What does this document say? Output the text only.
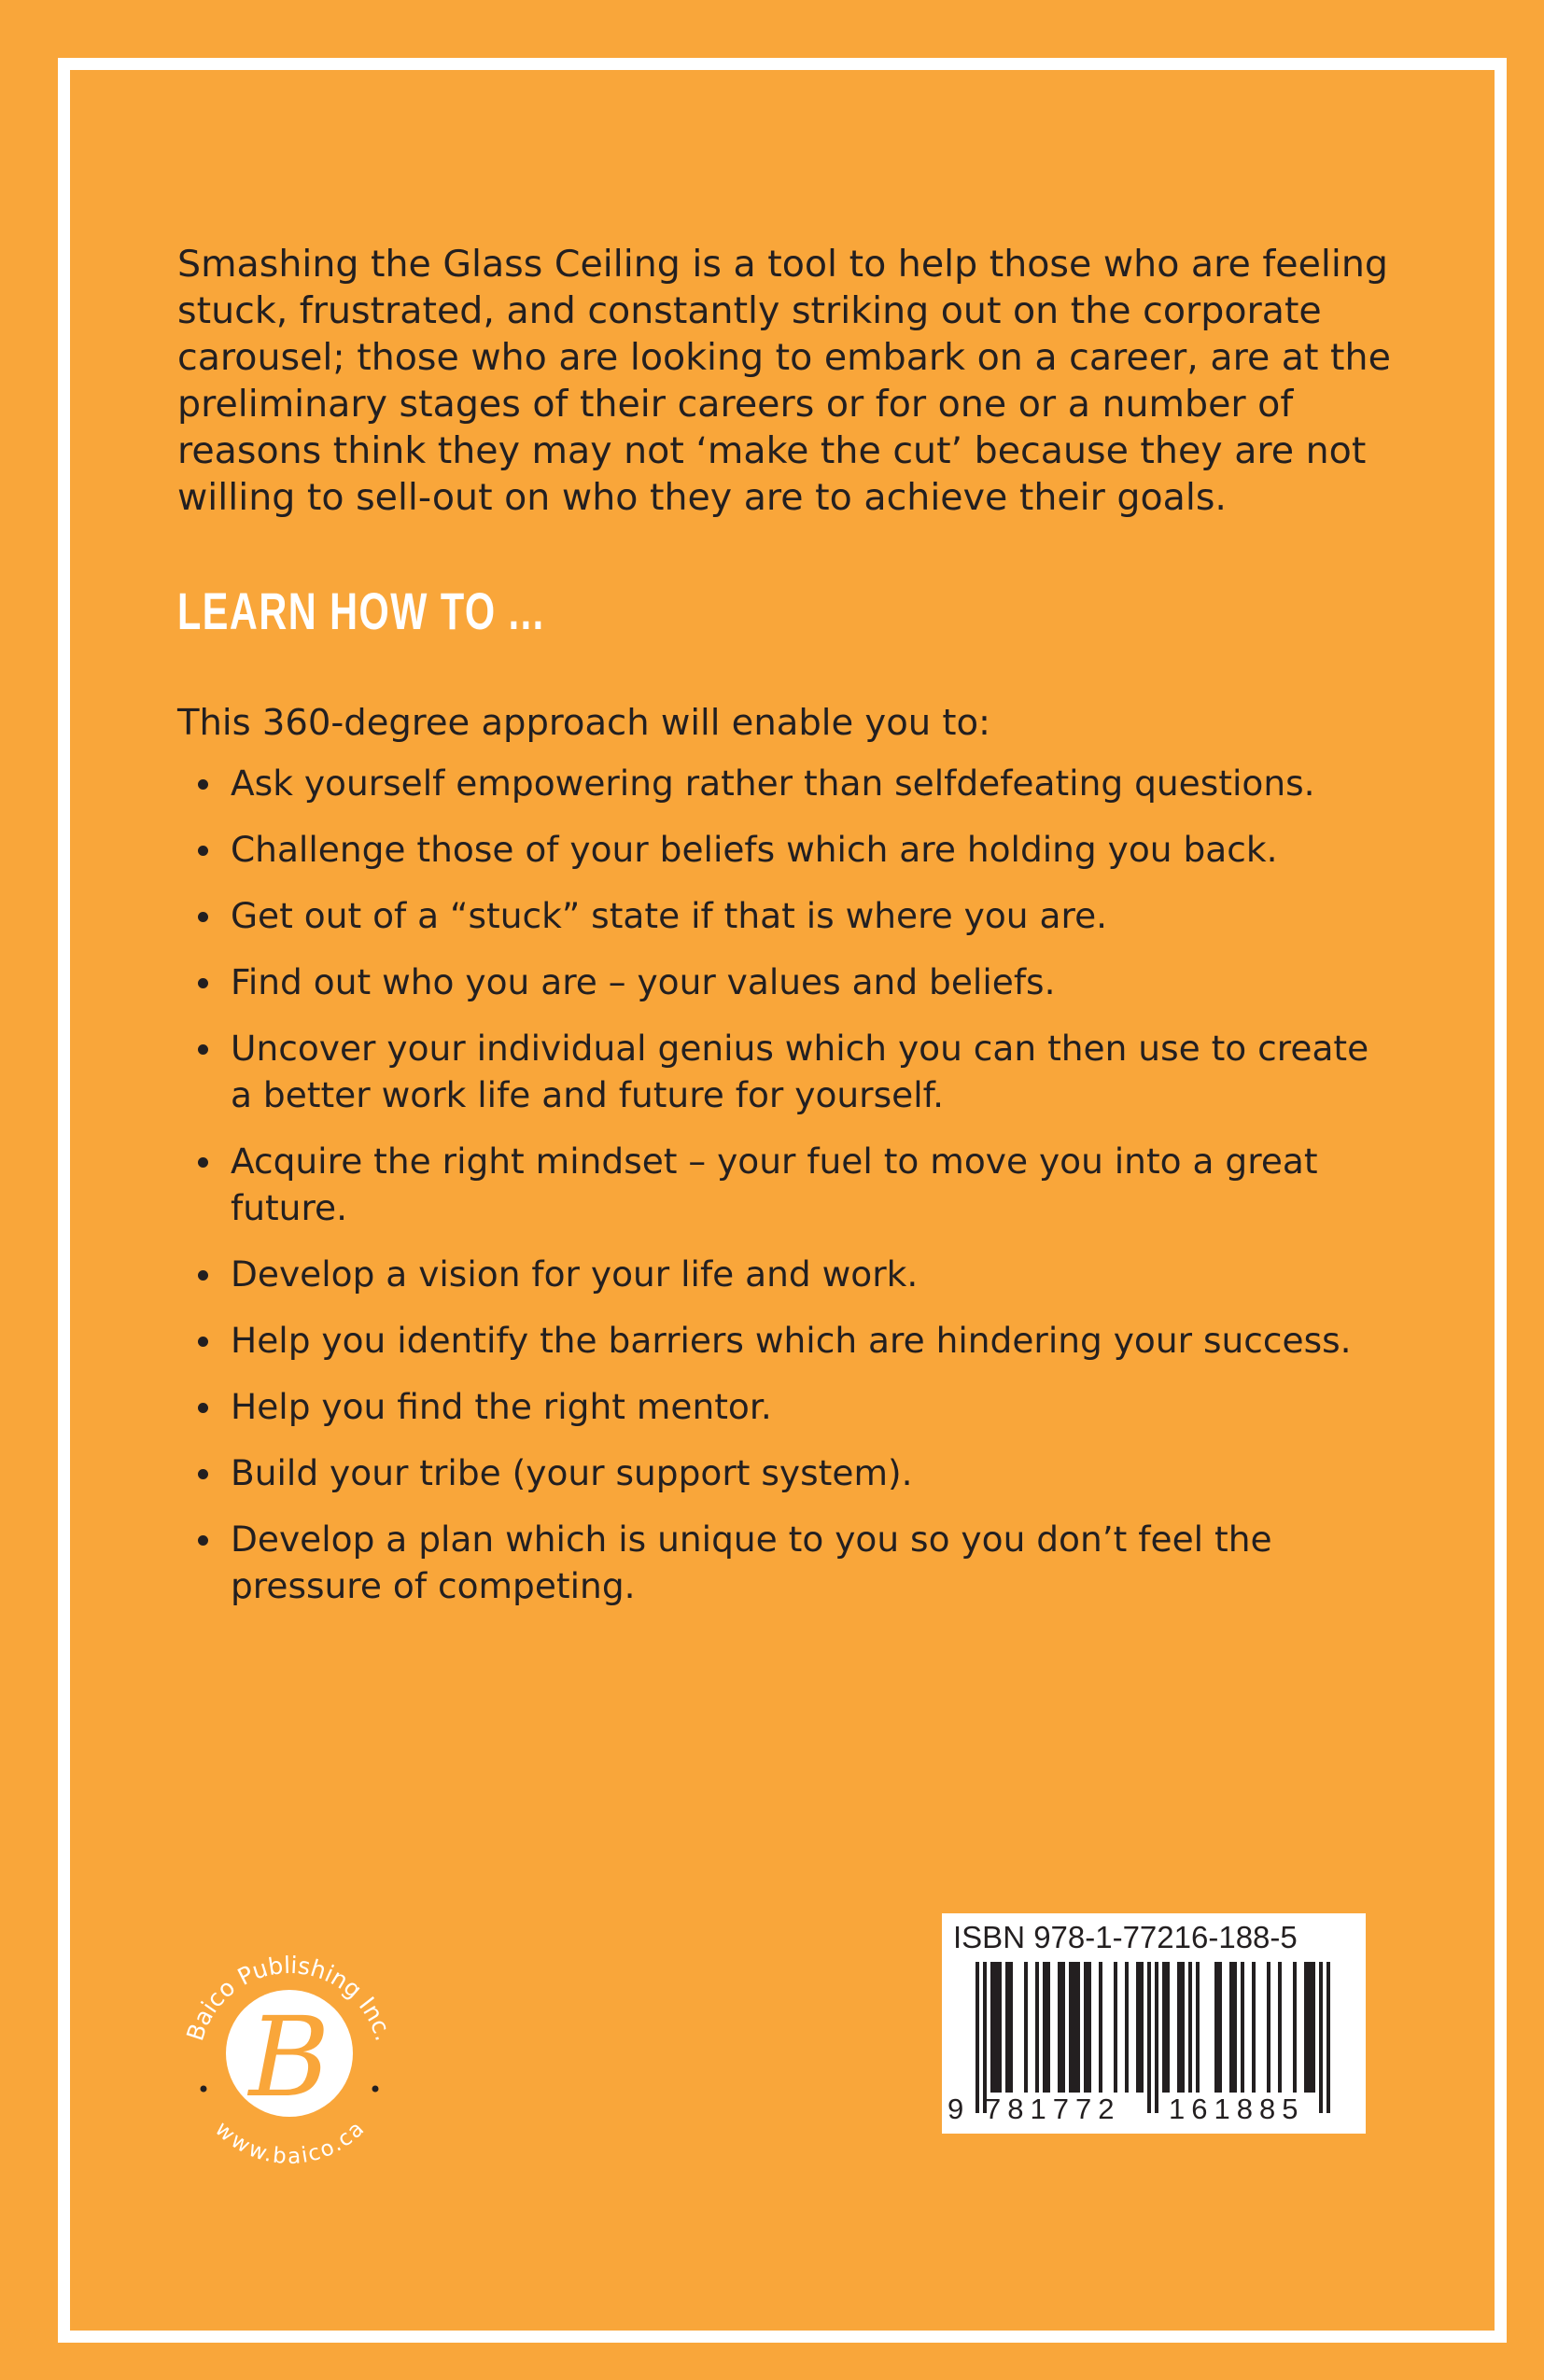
Smashing the Glass Ceiling is a tool to help those who are feeling stuck, frustrated, and constantly striking out on the corporate carousel; those who are looking to embark on a career, are at the preliminary stages of their careers or for one or a number of reasons think they may not ‘make the cut’ because they are not willing to sell-out on who they are to achieve their goals.

LEARN HOW TO ...

This 360-degree approach will enable you to:

Ask yourself empowering rather than selfdefeating questions.
Challenge those of your beliefs which are holding you back.
Get out of a “stuck” state if that is where you are.
Find out who you are – your values and beliefs.
Uncover your individual genius which you can then use to create a better work life and future for yourself.
Acquire the right mindset – your fuel to move you into a great future.
Develop a vision for your life and work.
Help you identify the barriers which are hindering your success.
Help you find the right mentor.
Build your tribe (your support system).
Develop a plan which is unique to you so you don’t feel the pressure of competing.
B
Baico Publishing Inc.
www.baico.ca
ISBN 978-1-77216-188-5
9 781772 161885
